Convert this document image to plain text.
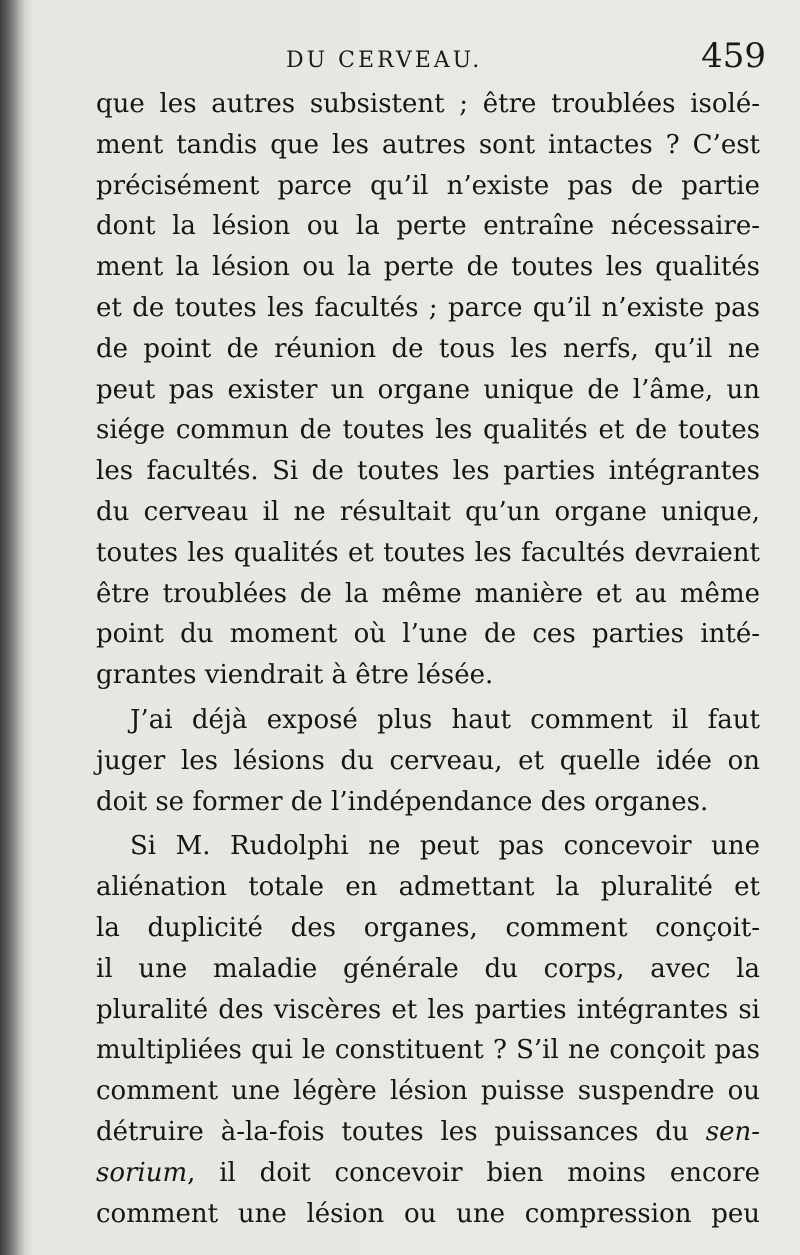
DU CERVEAU.	459
que les autres subsistent ; être troublées isolé-
ment tandis que les autres sont intactes ? C’est
précisément parce qu’il n’existe pas de partie
dont la lésion ou la perte entraîne nécessaire-
ment la lésion ou la perte de toutes les qualités
et de toutes les facultés ; parce qu’il n’existe pas
de point de réunion de tous les nerfs, qu’il ne
peut pas exister un organe unique de l’âme, un
siége commun de toutes les qualités et de toutes
les facultés. Si de toutes les parties intégrantes
du cerveau il ne résultait qu’un organe unique,
toutes les qualités et toutes les facultés devraient
être troublées de la même manière et au même
point du moment où l’une de ces parties inté-
grantes viendrait à être lésée.
J’ai déjà exposé plus haut comment il faut
juger les lésions du cerveau, et quelle idée on
doit se former de l’indépendance des organes.
Si M. Rudolphi ne peut pas concevoir une
aliénation totale en admettant la pluralité et
la duplicité des organes, comment conçoit-
il une maladie générale du corps, avec la
pluralité des viscères et les parties intégrantes si
multipliées qui le constituent ? S’il ne conçoit pas
comment une légère lésion puisse suspendre ou
détruire à-la-fois toutes les puissances du sen-
sorium, il doit concevoir bien moins encore
comment une lésion ou une compression peu
